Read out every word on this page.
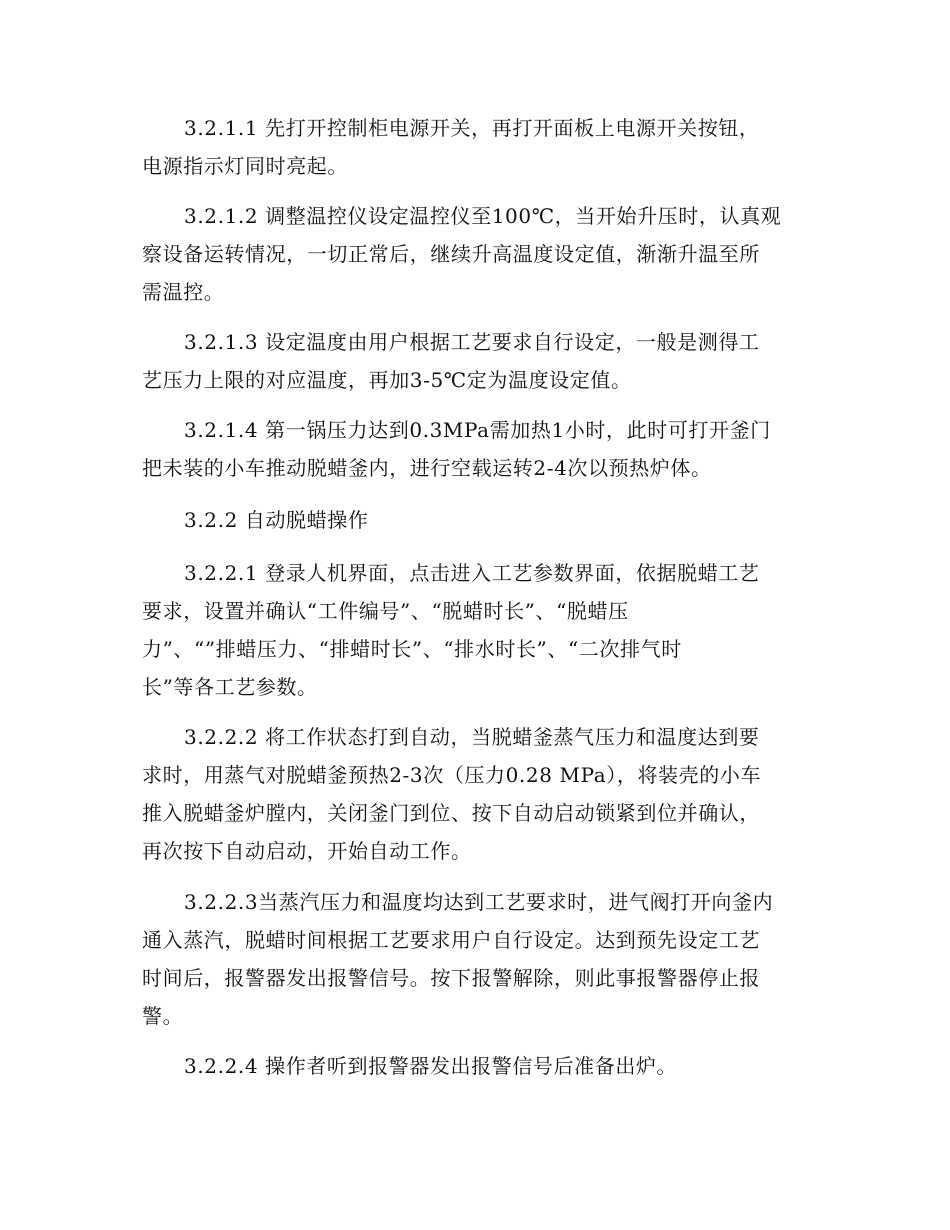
3.2.1.1 先打开控制柜电源开关，再打开面板上电源开关按钮，
电源指示灯同时亮起。
3.2.1.2 调整温控仪设定温控仪至100℃，当开始升压时，认真观
察设备运转情况，一切正常后，继续升高温度设定值，渐渐升温至所
需温控。
3.2.1.3 设定温度由用户根据工艺要求自行设定，一般是测得工
艺压力上限的对应温度，再加3-5℃定为温度设定值。
3.2.1.4 第一锅压力达到0.3MPa需加热1小时，此时可打开釜门
把未装的小车推动脱蜡釜内，进行空载运转2-4次以预热炉体。
3.2.2 自动脱蜡操作
3.2.2.1 登录人机界面，点击进入工艺参数界面，依据脱蜡工艺
要求，设置并确认“工件编号”、“脱蜡时长”、“脱蜡压
力”、“”排蜡压力、“排蜡时长”、“排水时长”、“二次排气时
长”等各工艺参数。
3.2.2.2 将工作状态打到自动，当脱蜡釜蒸气压力和温度达到要
求时，用蒸气对脱蜡釜预热2-3次（压力0.28 MPa），将装壳的小车
推入脱蜡釜炉膛内，关闭釜门到位、按下自动启动锁紧到位并确认，
再次按下自动启动，开始自动工作。
3.2.2.3当蒸汽压力和温度均达到工艺要求时，进气阀打开向釜内
通入蒸汽，脱蜡时间根据工艺要求用户自行设定。达到预先设定工艺
时间后，报警器发出报警信号。按下报警解除，则此事报警器停止报
警。
3.2.2.4 操作者听到报警器发出报警信号后准备出炉。
